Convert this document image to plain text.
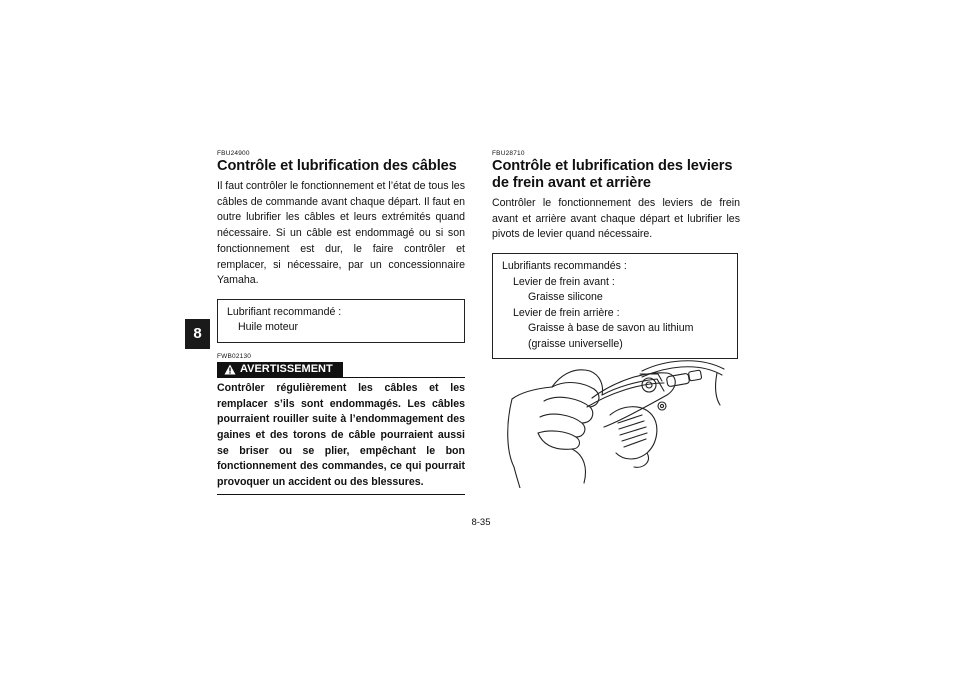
8
FBU24900
Contrôle et lubrification des câbles

Il faut contrôler le fonctionnement et l’état de tous les câbles de commande avant chaque départ. Il faut en outre lubrifier les câbles et leurs extrémités quand nécessaire. Si un câble est endommagé ou si son fonctionnement est dur, le faire contrôler et remplacer, si nécessaire, par un concessionnaire Yamaha.

Lubrifiant recommandé :
Huile moteur
FWB02130
AVERTISSEMENT

Contrôler régulièrement les câbles et les remplacer s’ils sont endommagés. Les câbles pourraient rouiller suite à l’endommagement des gaines et des torons de câble pourraient aussi se briser ou se plier, empêchant le bon fonctionnement des commandes, ce qui pourrait provoquer un accident ou des blessures.

FBU28710
Contrôle et lubrification des leviers de frein avant et arrière

Contrôler le fonctionnement des leviers de frein avant et arrière avant chaque départ et lubrifier les pivots de levier quand nécessaire.

Lubrifiants recommandés :
Levier de frein avant :
Graisse silicone
Levier de frein arrière :
Graisse à base de savon au lithium
(graisse universelle)
8-35
